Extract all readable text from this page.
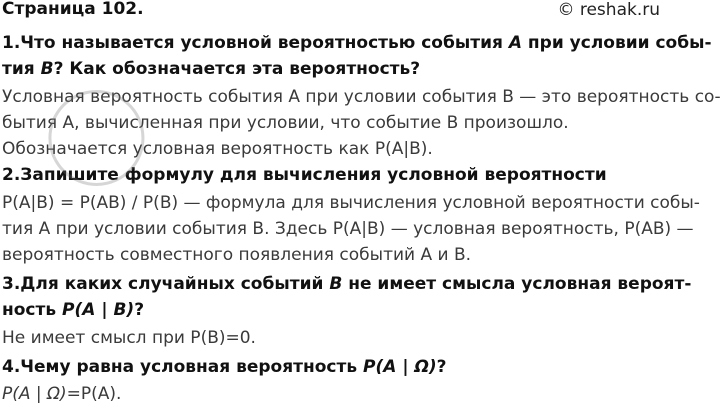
Страница 102.	© reshak.ru
1.Что называется условной вероятностью события A при условии собы-
тия B? Как обозначается эта вероятность?
Условная вероятность события А при условии события В — это вероятность со-
бытия А, вычисленная при условии, что событие В произошло.
Обозначается условная вероятность как Р(А|В).
2.Запишите формулу для вычисления условной вероятности
Р(А|В) = Р(АВ) / Р(В) — формула для вычисления условной вероятности собы-
тия А при условии события В. Здесь Р(А|В) — условная вероятность, Р(АВ) —
вероятность совместного появления событий А и В.
3.Для каких случайных событий B не имеет смысла условная вероят-
ность P(A | B)?
Не имеет смысл при Р(В)=0.
4.Чему равна условная вероятность P(A | Ω)?
P(A | Ω)=Р(А).
